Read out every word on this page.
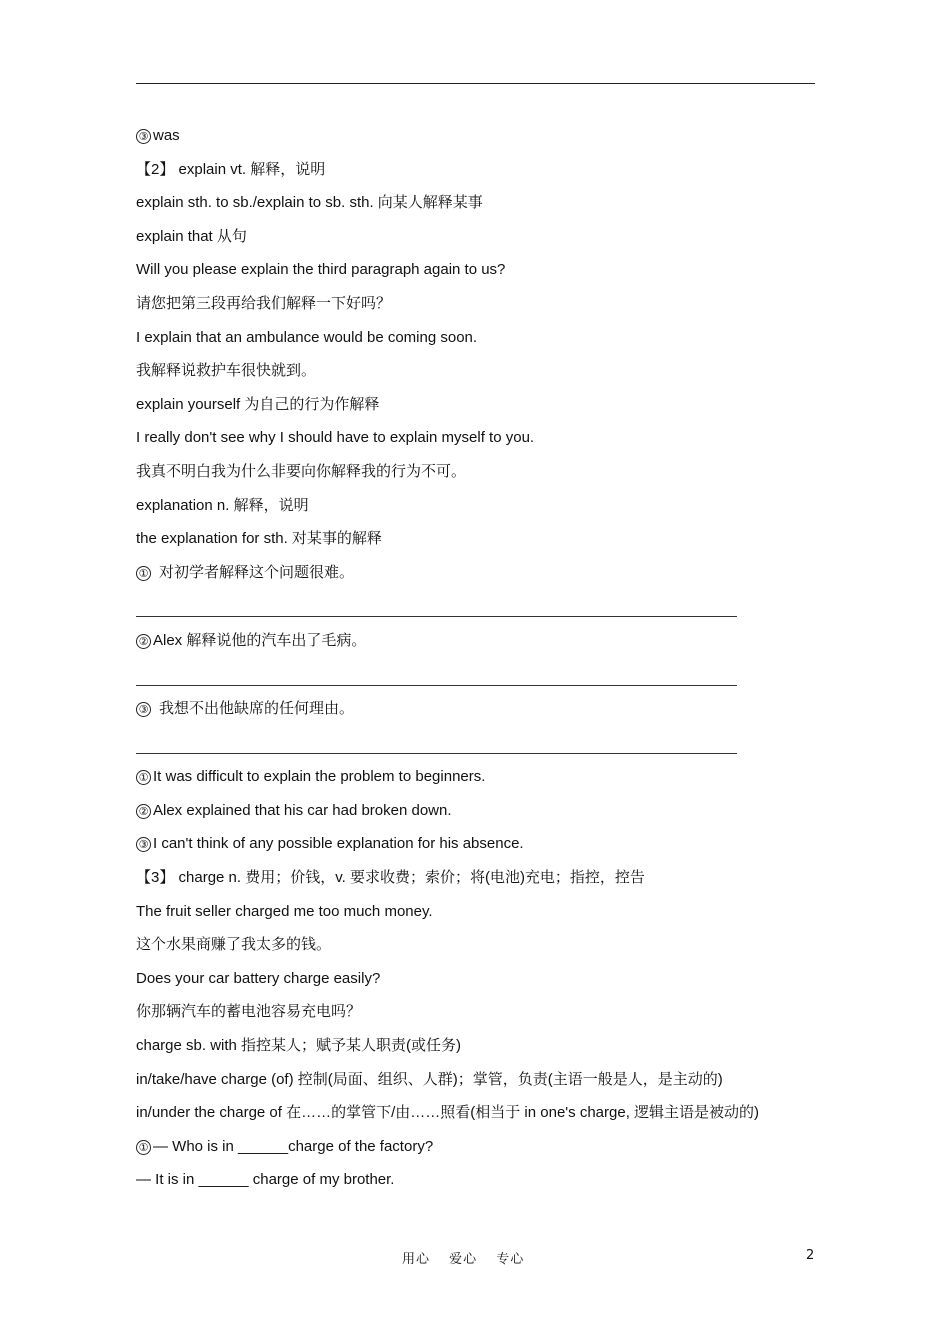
③ was
【2】 explain vt. 解释，说明
explain sth. to sb./explain to sb. sth. 向某人解释某事
explain that 从句
Will you please explain the third paragraph again to us?
请您把第三段再给我们解释一下好吗？
I explain that an ambulance would be coming soon.
我解释说救护车很快就到。
explain yourself 为自己的行为作解释
I really don't see why I should have to explain myself to you.
我真不明白我为什么非要向你解释我的行为不可。
explanation n. 解释，说明
the explanation for sth. 对某事的解释
① 对初学者解释这个问题很难。
② Alex 解释说他的汽车出了毛病。
③ 我想不出他缺席的任何理由。
① It was difficult to explain the problem to beginners.
② Alex explained that his car had broken down.
③ I can't think of any possible explanation for his absence.
【3】 charge n. 费用；价钱，v. 要求收费；索价；将(电池)充电；指控，控告
The fruit seller charged me too much money.
这个水果商赚了我太多的钱。
Does your car battery charge easily?
你那辆汽车的蓄电池容易充电吗？
charge sb. with 指控某人；赋予某人职责(或任务)
in/take/have charge (of) 控制(局面、组织、人群)；掌管，负责(主语一般是人，是主动的)
in/under the charge of 在……的掌管下/由……照看(相当于 in one's charge, 逻辑主语是被动的)
① — Who is in ______charge of the factory?
— It is in ______ charge of my brother.
用心 爱心 专心	2
